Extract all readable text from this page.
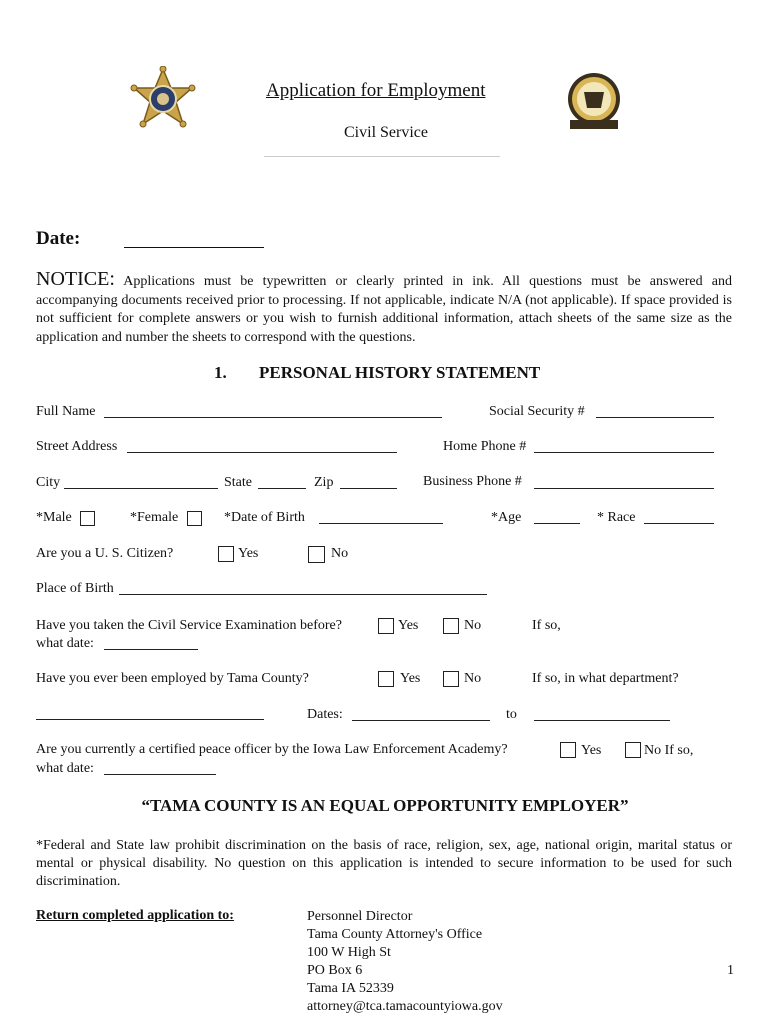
Application for Employment
Civil Service
Date:
NOTICE: Applications must be typewritten or clearly printed in ink. All questions must be answered and accompanying documents received prior to processing. If not applicable, indicate N/A (not applicable). If space provided is not sufficient for complete answers or you wish to furnish additional information, attach sheets of the same size as the application and number the sheets to correspond with the questions.
1. PERSONAL HISTORY STATEMENT
Full Name	Social Security #
Street Address	Home Phone #
City	State	Zip	Business Phone #
*Male	*Female	*Date of Birth	*Age	* Race
Are you a U. S. Citizen?	Yes	No
Place of Birth
Have you taken the Civil Service Examination before?	Yes	No	If so,
what date:
Have you ever been employed by Tama County?	Yes	No	If so, in what department?
Dates:	to
Are you currently a certified peace officer by the Iowa Law Enforcement Academy?	Yes	No If so,
what date:
“TAMA COUNTY IS AN EQUAL OPPORTUNITY EMPLOYER”
*Federal and State law prohibit discrimination on the basis of race, religion, sex, age, national origin, marital status or mental or physical disability. No question on this application is intended to secure information to be used for such discrimination.
Return completed application to:	Personnel Director
Tama County Attorney's Office
100 W High St
PO Box 6
Tama IA 52339
attorney@tca.tamacountyiowa.gov
1
